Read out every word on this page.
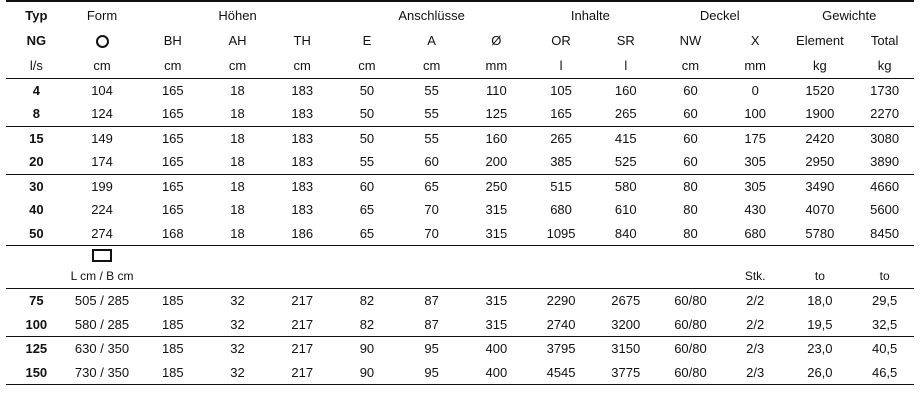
Typ	Form	Höhen			Anschlüsse			Inhalte		Deckel		Gewichte	
NG		BH	AH	TH	E	A	Ø	OR	SR	NW	X	Element	Total
l/s	cm	cm	cm	cm	cm	cm	mm	l	l	cm	mm	kg	kg
4	104	165	18	183	50	55	110	105	160	60	0	1520	1730
8	124	165	18	183	50	55	125	165	265	60	100	1900	2270
15	149	165	18	183	50	55	160	265	415	60	175	2420	3080
20	174	165	18	183	55	60	200	385	525	60	305	2950	3890
30	199	165	18	183	60	65	250	515	580	80	305	3490	4660
40	224	165	18	183	65	70	315	680	610	80	430	4070	5600
50	274	168	18	186	65	70	315	1095	840	80	680	5780	8450

	L cm / B cm										Stk.	to	to
75	505 / 285	185	32	217	82	87	315	2290	2675	60/80	2/2	18,0	29,5
100	580 / 285	185	32	217	82	87	315	2740	3200	60/80	2/2	19,5	32,5
125	630 / 350	185	32	217	90	95	400	3795	3150	60/80	2/3	23,0	40,5
150	730 / 350	185	32	217	90	95	400	4545	3775	60/80	2/3	26,0	46,5
